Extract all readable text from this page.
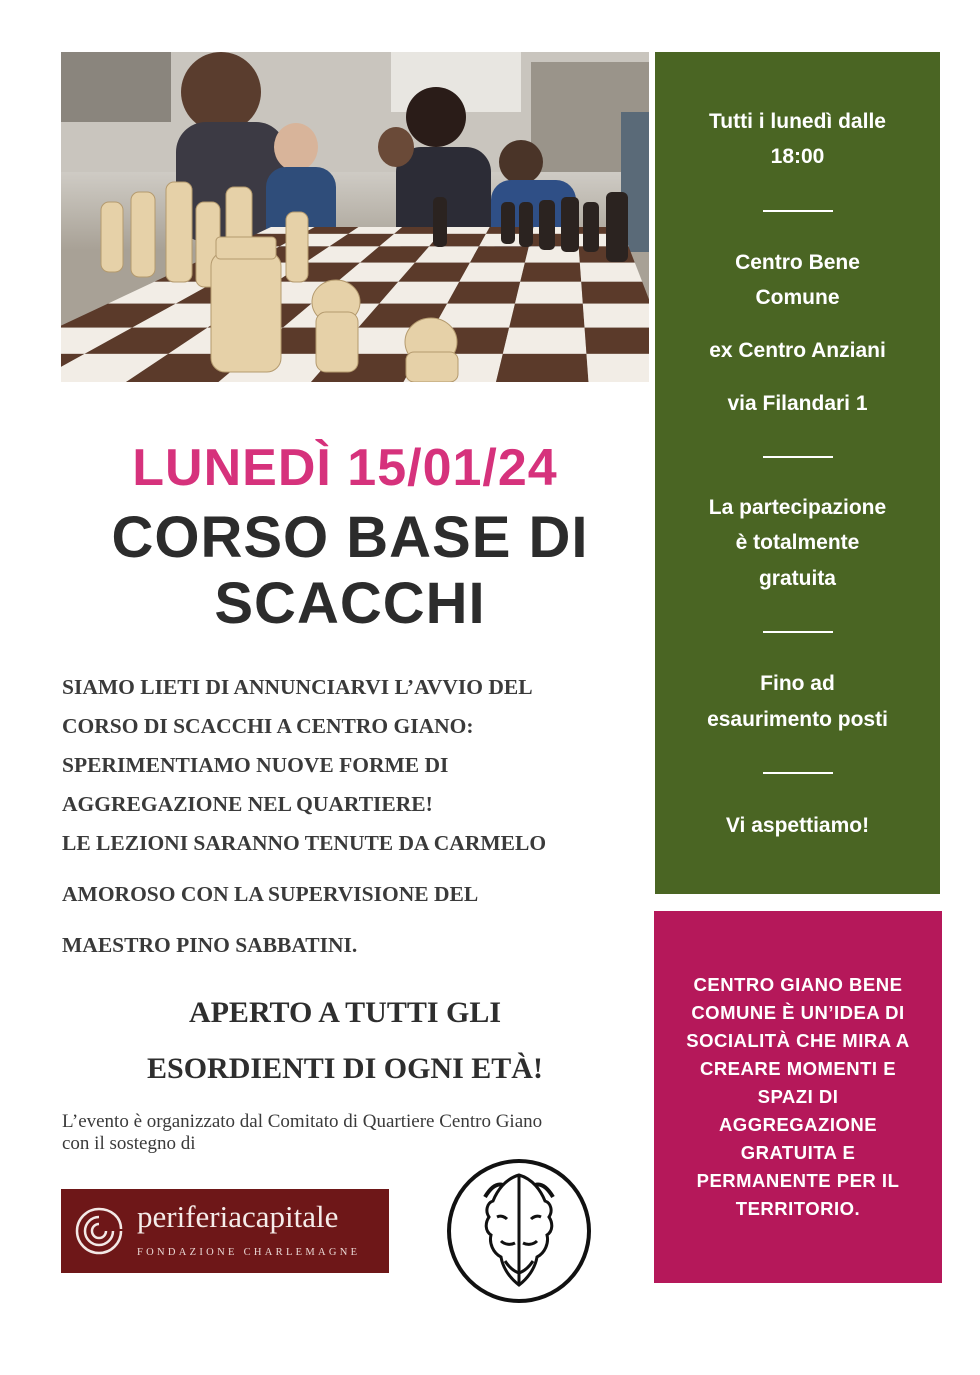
LUNEDÌ 15/01/24
CORSO BASE DI
SCACCHI
SIAMO LIETI DI ANNUNCIARVI L’AVVIO DEL
CORSO DI SCACCHI A CENTRO GIANO:
SPERIMENTIAMO NUOVE FORME DI
AGGREGAZIONE NEL QUARTIERE!
LE LEZIONI SARANNO TENUTE DA CARMELO
AMOROSO CON LA SUPERVISIONE DEL
MAESTRO PINO SABBATINI.
APERTO A TUTTI GLI
ESORDIENTI DI OGNI ETÀ!
L’evento è organizzato dal Comitato di Quartiere Centro Giano
con il sostegno di
periferiacapitale
FONDAZIONE CHARLEMAGNE
Tutti i lunedì dalle 18:00
Centro Bene
Comune
ex Centro Anziani
via Filandari 1
La partecipazione
è totalmente
gratuita
Fino ad
esaurimento posti
Vi aspettiamo!
CENTRO GIANO BENE
COMUNE È UN’IDEA DI
SOCIALITÀ CHE MIRA A
CREARE MOMENTI E
SPAZI DI
AGGREGAZIONE
GRATUITA E
PERMANENTE PER IL
TERRITORIO.
